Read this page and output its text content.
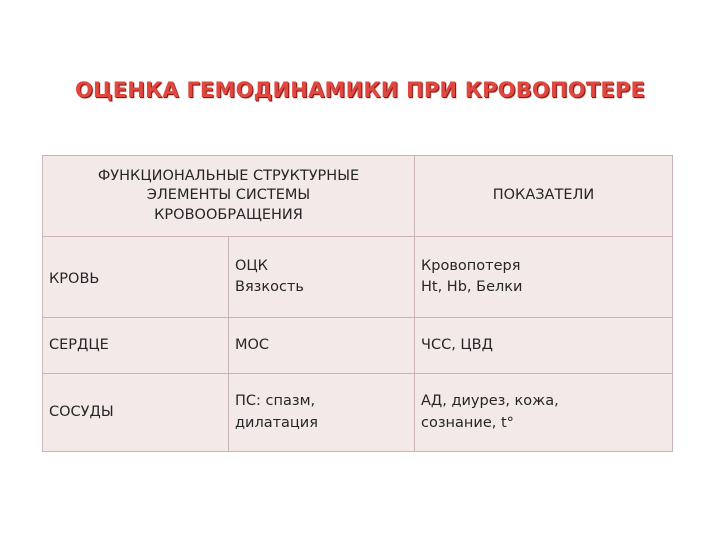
ОЦЕНКА ГЕМОДИНАМИКИ ПРИ КРОВОПОТЕРЕ
ФУНКЦИОНАЛЬНЫЕ СТРУКТУРНЫЕ
ЭЛЕМЕНТЫ СИСТЕМЫ
КРОВООБРАЩЕНИЯ
ПОКАЗАТЕЛИ
КРОВЬ
ОЦК
Вязкость
Кровопотеря
Ht, Hb, Белки
СЕРДЦЕ	МОС	ЧСС, ЦВД
СОСУДЫ
ПС: спазм,
дилатация
АД, диурез, кожа,
сознание, t°
